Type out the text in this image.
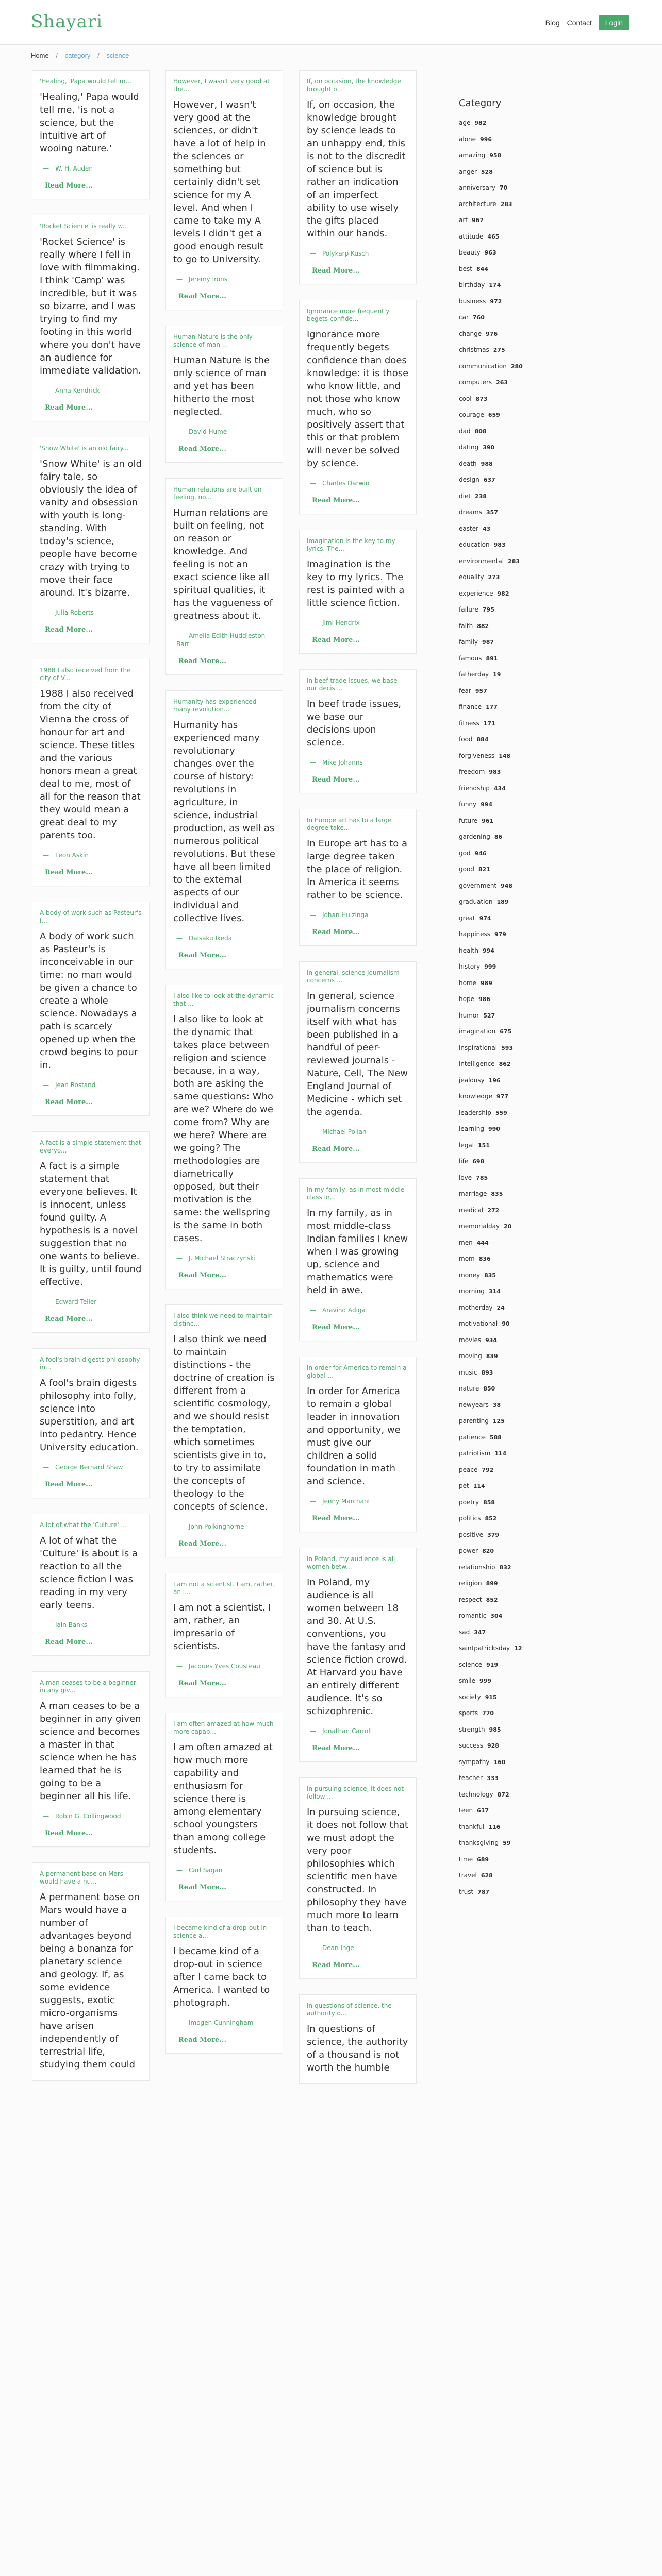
Shayari	Blog Contact Login
Home / category / science
'Healing,' Papa would tell m...
'Healing,' Papa would tell me, 'is not a science, but the intuitive art of wooing nature.'
— W. H. Auden
Read More...
'Rocket Science' is really w...
'Rocket Science' is really where I fell in love with filmmaking. I think 'Camp' was incredible, but it was so bizarre, and I was trying to find my footing in this world where you don't have an audience for immediate validation.
— Anna Kendrick
Read More...
'Snow White' is an old fairy...
'Snow White' is an old fairy tale, so obviously the idea of vanity and obsession with youth is long-standing. With today's science, people have become crazy with trying to move their face around. It's bizarre.
— Julia Roberts
Read More...
1988 I also received from the city of V...
1988 I also received from the city of Vienna the cross of honour for art and science. These titles and the various honors mean a great deal to me, most of all for the reason that they would mean a great deal to my parents too.
— Leon Askin
Read More...
A body of work such as Pasteur's i...
A body of work such as Pasteur's is inconceivable in our time: no man would be given a chance to create a whole science. Nowadays a path is scarcely opened up when the crowd begins to pour in.
— Jean Rostand
Read More...
A fact is a simple statement that everyo...
A fact is a simple statement that everyone believes. It is innocent, unless found guilty. A hypothesis is a novel suggestion that no one wants to believe. It is guilty, until found effective.
— Edward Teller
Read More...
A fool's brain digests philosophy in...
A fool's brain digests philosophy into folly, science into superstition, and art into pedantry. Hence University education.
— George Bernard Shaw
Read More...
A lot of what the 'Culture' ...
A lot of what the 'Culture' is about is a reaction to all the science fiction I was reading in my very early teens.
— Iain Banks
Read More...
A man ceases to be a beginner in any giv...
A man ceases to be a beginner in any given science and becomes a master in that science when he has learned that he is going to be a beginner all his life.
— Robin G. Collingwood
Read More...
A permanent base on Mars would have a nu...
A permanent base on Mars would have a number of advantages beyond being a bonanza for planetary science and geology. If, as some evidence suggests, exotic micro-organisms have arisen independently of terrestrial life, studying them could
However, I wasn't very good at the...
However, I wasn't very good at the sciences, or didn't have a lot of help in the sciences or something but certainly didn't set science for my A level. And when I came to take my A levels I didn't get a good enough result to go to University.
— Jeremy Irons
Read More...
Human Nature is the only science of man ...
Human Nature is the only science of man and yet has been hitherto the most neglected.
— David Hume
Read More...
Human relations are built on feeling, no...
Human relations are built on feeling, not on reason or knowledge. And feeling is not an exact science like all spiritual qualities, it has the vagueness of greatness about it.
— Amelia Edith Huddleston Barr
Read More...
Humanity has experienced many revolution...
Humanity has experienced many revolutionary changes over the course of history: revolutions in agriculture, in science, industrial production, as well as numerous political revolutions. But these have all been limited to the external aspects of our individual and collective lives.
— Daisaku Ikeda
Read More...
I also like to look at the dynamic that ...
I also like to look at the dynamic that takes place between religion and science because, in a way, both are asking the same questions: Who are we? Where do we come from? Why are we here? Where are we going? The methodologies are diametrically opposed, but their motivation is the same: the wellspring is the same in both cases.
— J. Michael Straczynski
Read More...
I also think we need to maintain distinc...
I also think we need to maintain distinctions - the doctrine of creation is different from a scientific cosmology, and we should resist the temptation, which sometimes scientists give in to, to try to assimilate the concepts of theology to the concepts of science.
— John Polkinghorne
Read More...
I am not a scientist. I am, rather, an i...
I am not a scientist. I am, rather, an impresario of scientists.
— Jacques Yves Cousteau
Read More...
I am often amazed at how much more capab...
I am often amazed at how much more capability and enthusiasm for science there is among elementary school youngsters than among college students.
— Carl Sagan
Read More...
I became kind of a drop-out in science a...
I became kind of a drop-out in science after I came back to America. I wanted to photograph.
— Imogen Cunningham
Read More...
If, on occasion, the knowledge brought b...
If, on occasion, the knowledge brought by science leads to an unhappy end, this is not to the discredit of science but is rather an indication of an imperfect ability to use wisely the gifts placed within our hands.
— Polykarp Kusch
Read More...
Ignorance more frequently begets confide...
Ignorance more frequently begets confidence than does knowledge: it is those who know little, and not those who know much, who so positively assert that this or that problem will never be solved by science.
— Charles Darwin
Read More...
Imagination is the key to my lyrics. The...
Imagination is the key to my lyrics. The rest is painted with a little science fiction.
— Jimi Hendrix
Read More...
In beef trade issues, we base our decisi...
In beef trade issues, we base our decisions upon science.
— Mike Johanns
Read More...
In Europe art has to a large degree take...
In Europe art has to a large degree taken the place of religion. In America it seems rather to be science.
— Johan Huizinga
Read More...
In general, science journalism concerns ...
In general, science journalism concerns itself with what has been published in a handful of peer-reviewed journals - Nature, Cell, The New England Journal of Medicine - which set the agenda.
— Michael Pollan
Read More...
In my family, as in most middle-class In...
In my family, as in most middle-class Indian families I knew when I was growing up, science and mathematics were held in awe.
— Aravind Adiga
Read More...
In order for America to remain a global ...
In order for America to remain a global leader in innovation and opportunity, we must give our children a solid foundation in math and science.
— Jenny Marchant
Read More...
In Poland, my audience is all women betw...
In Poland, my audience is all women between 18 and 30. At U.S. conventions, you have the fantasy and science fiction crowd. At Harvard you have an entirely different audience. It's so schizophrenic.
— Jonathan Carroll
Read More...
In pursuing science, it does not follow ...
In pursuing science, it does not follow that we must adopt the very poor philosophies which scientific men have constructed. In philosophy they have much more to learn than to teach.
— Dean Inge
Read More...
In questions of science, the authority o...
In questions of science, the authority of a thousand is not worth the humble
Category
age 982
alone 996
amazing 958
anger 528
anniversary 70
architecture 283
art 967
attitude 465
beauty 963
best 844
birthday 174
business 972
car 760
change 976
christmas 275
communication 280
computers 263
cool 873
courage 659
dad 808
dating 390
death 988
design 637
diet 238
dreams 357
easter 43
education 983
environmental 283
equality 273
experience 982
failure 795
faith 882
family 987
famous 891
fatherday 19
fear 957
finance 177
fitness 171
food 884
forgiveness 148
freedom 983
friendship 434
funny 994
future 961
gardening 86
god 946
good 821
government 948
graduation 189
great 974
happiness 979
health 994
history 999
home 989
hope 986
humor 527
imagination 675
inspirational 593
intelligence 862
jealousy 196
knowledge 977
leadership 559
learning 990
legal 151
life 698
love 785
marriage 835
medical 272
memorialday 20
men 444
mom 836
money 835
morning 314
motherday 24
motivational 90
movies 934
moving 839
music 893
nature 850
newyears 38
parenting 125
patience 588
patriotism 114
peace 792
pet 114
poetry 858
politics 852
positive 379
power 820
relationship 832
religion 899
respect 852
romantic 304
sad 347
saintpatricksday 12
science 919
smile 999
society 915
sports 770
strength 985
success 928
sympathy 160
teacher 333
technology 872
teen 617
thankful 116
thanksgiving 59
time 689
travel 628
trust 787
